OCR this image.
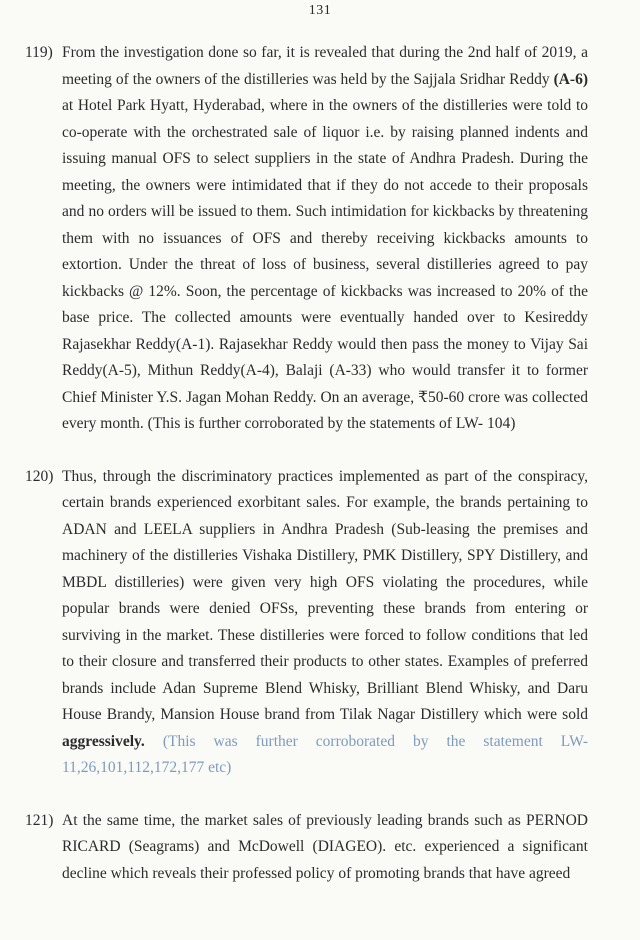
131
119) From the investigation done so far, it is revealed that during the 2nd half of 2019, a meeting of the owners of the distilleries was held by the Sajjala Sridhar Reddy (A-6) at Hotel Park Hyatt, Hyderabad, where in the owners of the distilleries were told to co-operate with the orchestrated sale of liquor i.e. by raising planned indents and issuing manual OFS to select suppliers in the state of Andhra Pradesh. During the meeting, the owners were intimidated that if they do not accede to their proposals and no orders will be issued to them. Such intimidation for kickbacks by threatening them with no issuances of OFS and thereby receiving kickbacks amounts to extortion. Under the threat of loss of business, several distilleries agreed to pay kickbacks @ 12%. Soon, the percentage of kickbacks was increased to 20% of the base price. The collected amounts were eventually handed over to Kesireddy Rajasekhar Reddy(A-1). Rajasekhar Reddy would then pass the money to Vijay Sai Reddy(A-5), Mithun Reddy(A-4), Balaji (A-33) who would transfer it to former Chief Minister Y.S. Jagan Mohan Reddy. On an average, ₹50-60 crore was collected every month. (This is further corroborated by the statements of LW- 104)
120) Thus, through the discriminatory practices implemented as part of the conspiracy, certain brands experienced exorbitant sales. For example, the brands pertaining to ADAN and LEELA suppliers in Andhra Pradesh (Sub-leasing the premises and machinery of the distilleries Vishaka Distillery, PMK Distillery, SPY Distillery, and MBDL distilleries) were given very high OFS violating the procedures, while popular brands were denied OFSs, preventing these brands from entering or surviving in the market. These distilleries were forced to follow conditions that led to their closure and transferred their products to other states. Examples of preferred brands include Adan Supreme Blend Whisky, Brilliant Blend Whisky, and Daru House Brandy, Mansion House brand from Tilak Nagar Distillery which were sold aggressively. (This was further corroborated by the statement LW-11,26,101,112,172,177 etc)
121) At the same time, the market sales of previously leading brands such as PERNOD RICARD (Seagrams) and McDowell (DIAGEO). etc. experienced a significant decline which reveals their professed policy of promoting brands that have agreed
